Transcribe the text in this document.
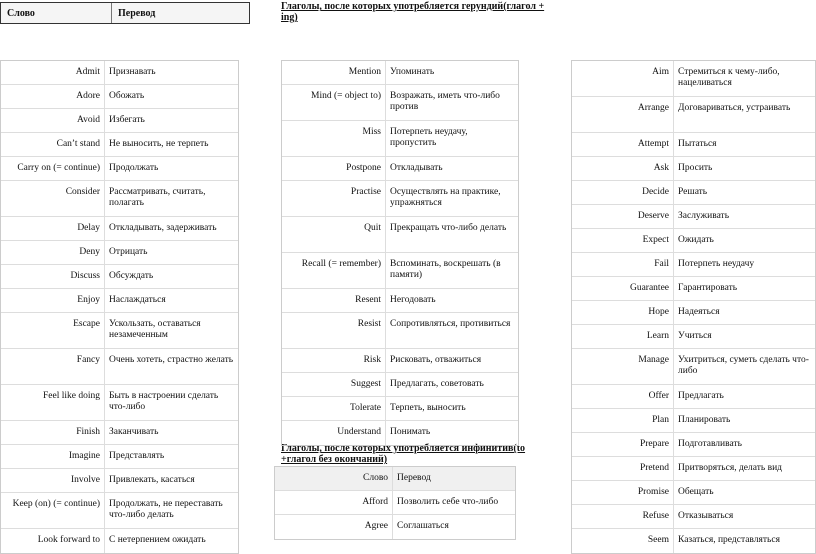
Слово	Перевод
Глаголы, после которых употребляется герундий(глагол + ing)
Глаголы, после которых употребляется инфинитив(to +глагол без окончаний)
Admit Признавать
Adore Обожать
Avoid Избегать
Can’t stand Не выносить, не терпеть
Carry on (= continue) Продолжать
Consider Рассматривать, считать, полагать
Delay Откладывать, задерживать
Deny Отрицать
Discuss Обсуждать
Enjoy Наслаждаться
Escape Ускользать, оставаться незамеченным
Fancy Очень хотеть, страстно желать
Feel like doing Быть в настроении сделать что-либо
Finish Заканчивать
Imagine Представлять
Involve Привлекать, касаться
Keep (on) (= continue) Продолжать, не переставать что-либо делать
Look forward to С нетерпением ожидать
Mention Упоминать
Mind (= object to) Возражать, иметь что-либо против
Miss Потерпеть неудачу, пропустить
Postpone Откладывать
Practise Осуществлять на практике, упражняться
Quit Прекращать что-либо делать
Recall (= remember) Вспоминать, воскрешать (в памяти)
Resent Негодовать
Resist Сопротивляться, противиться
Risk Рисковать, отважиться
Suggest Предлагать, советовать
Tolerate Терпеть, выносить
Understand Понимать
Слово Перевод
Afford Позволить себе что-либо
Agree Соглашаться
Aim Стремиться к чему-либо, нацеливаться
Arrange Договариваться, устраивать
Attempt Пытаться
Ask Просить
Decide Решать
Deserve Заслуживать
Expect Ожидать
Fail Потерпеть неудачу
Guarantee Гарантировать
Hope Надеяться
Learn Учиться
Manage Ухитриться, суметь сделать что-либо
Offer Предлагать
Plan Планировать
Prepare Подготавливать
Pretend Притворяться, делать вид
Promise Обещать
Refuse Отказываться
Seem Казаться, представляться
